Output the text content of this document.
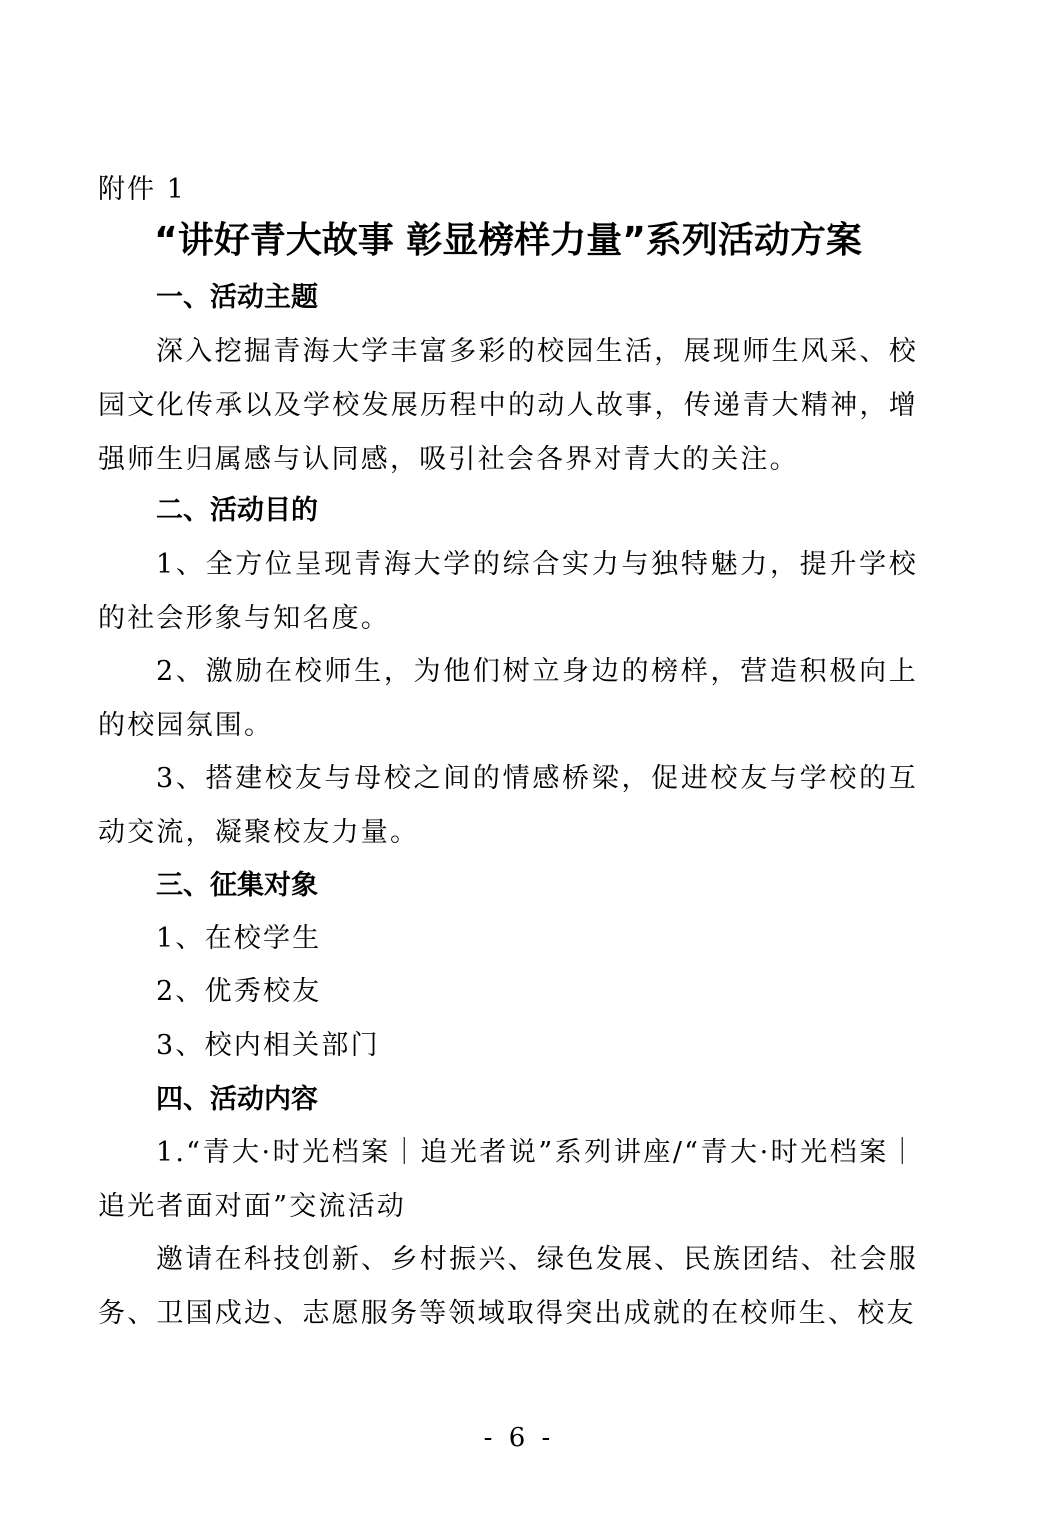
附件 1
“讲好青大故事 彰显榜样力量”系列活动方案
一、活动主题
深入挖掘青海大学丰富多彩的校园生活，展现师生风采、校园文化传承以及学校发展历程中的动人故事，传递青大精神，增强师生归属感与认同感，吸引社会各界对青大的关注。
二、活动目的
1、全方位呈现青海大学的综合实力与独特魅力，提升学校的社会形象与知名度。
2、激励在校师生，为他们树立身边的榜样，营造积极向上的校园氛围。
3、搭建校友与母校之间的情感桥梁，促进校友与学校的互动交流，凝聚校友力量。
三、征集对象
1、在校学生
2、优秀校友
3、校内相关部门
四、活动内容
1.“青大·时光档案｜追光者说”系列讲座/“青大·时光档案｜追光者面对面”交流活动
邀请在科技创新、乡村振兴、绿色发展、民族团结、社会服务、卫国戍边、志愿服务等领域取得突出成就的在校师生、校友
- 6 -
